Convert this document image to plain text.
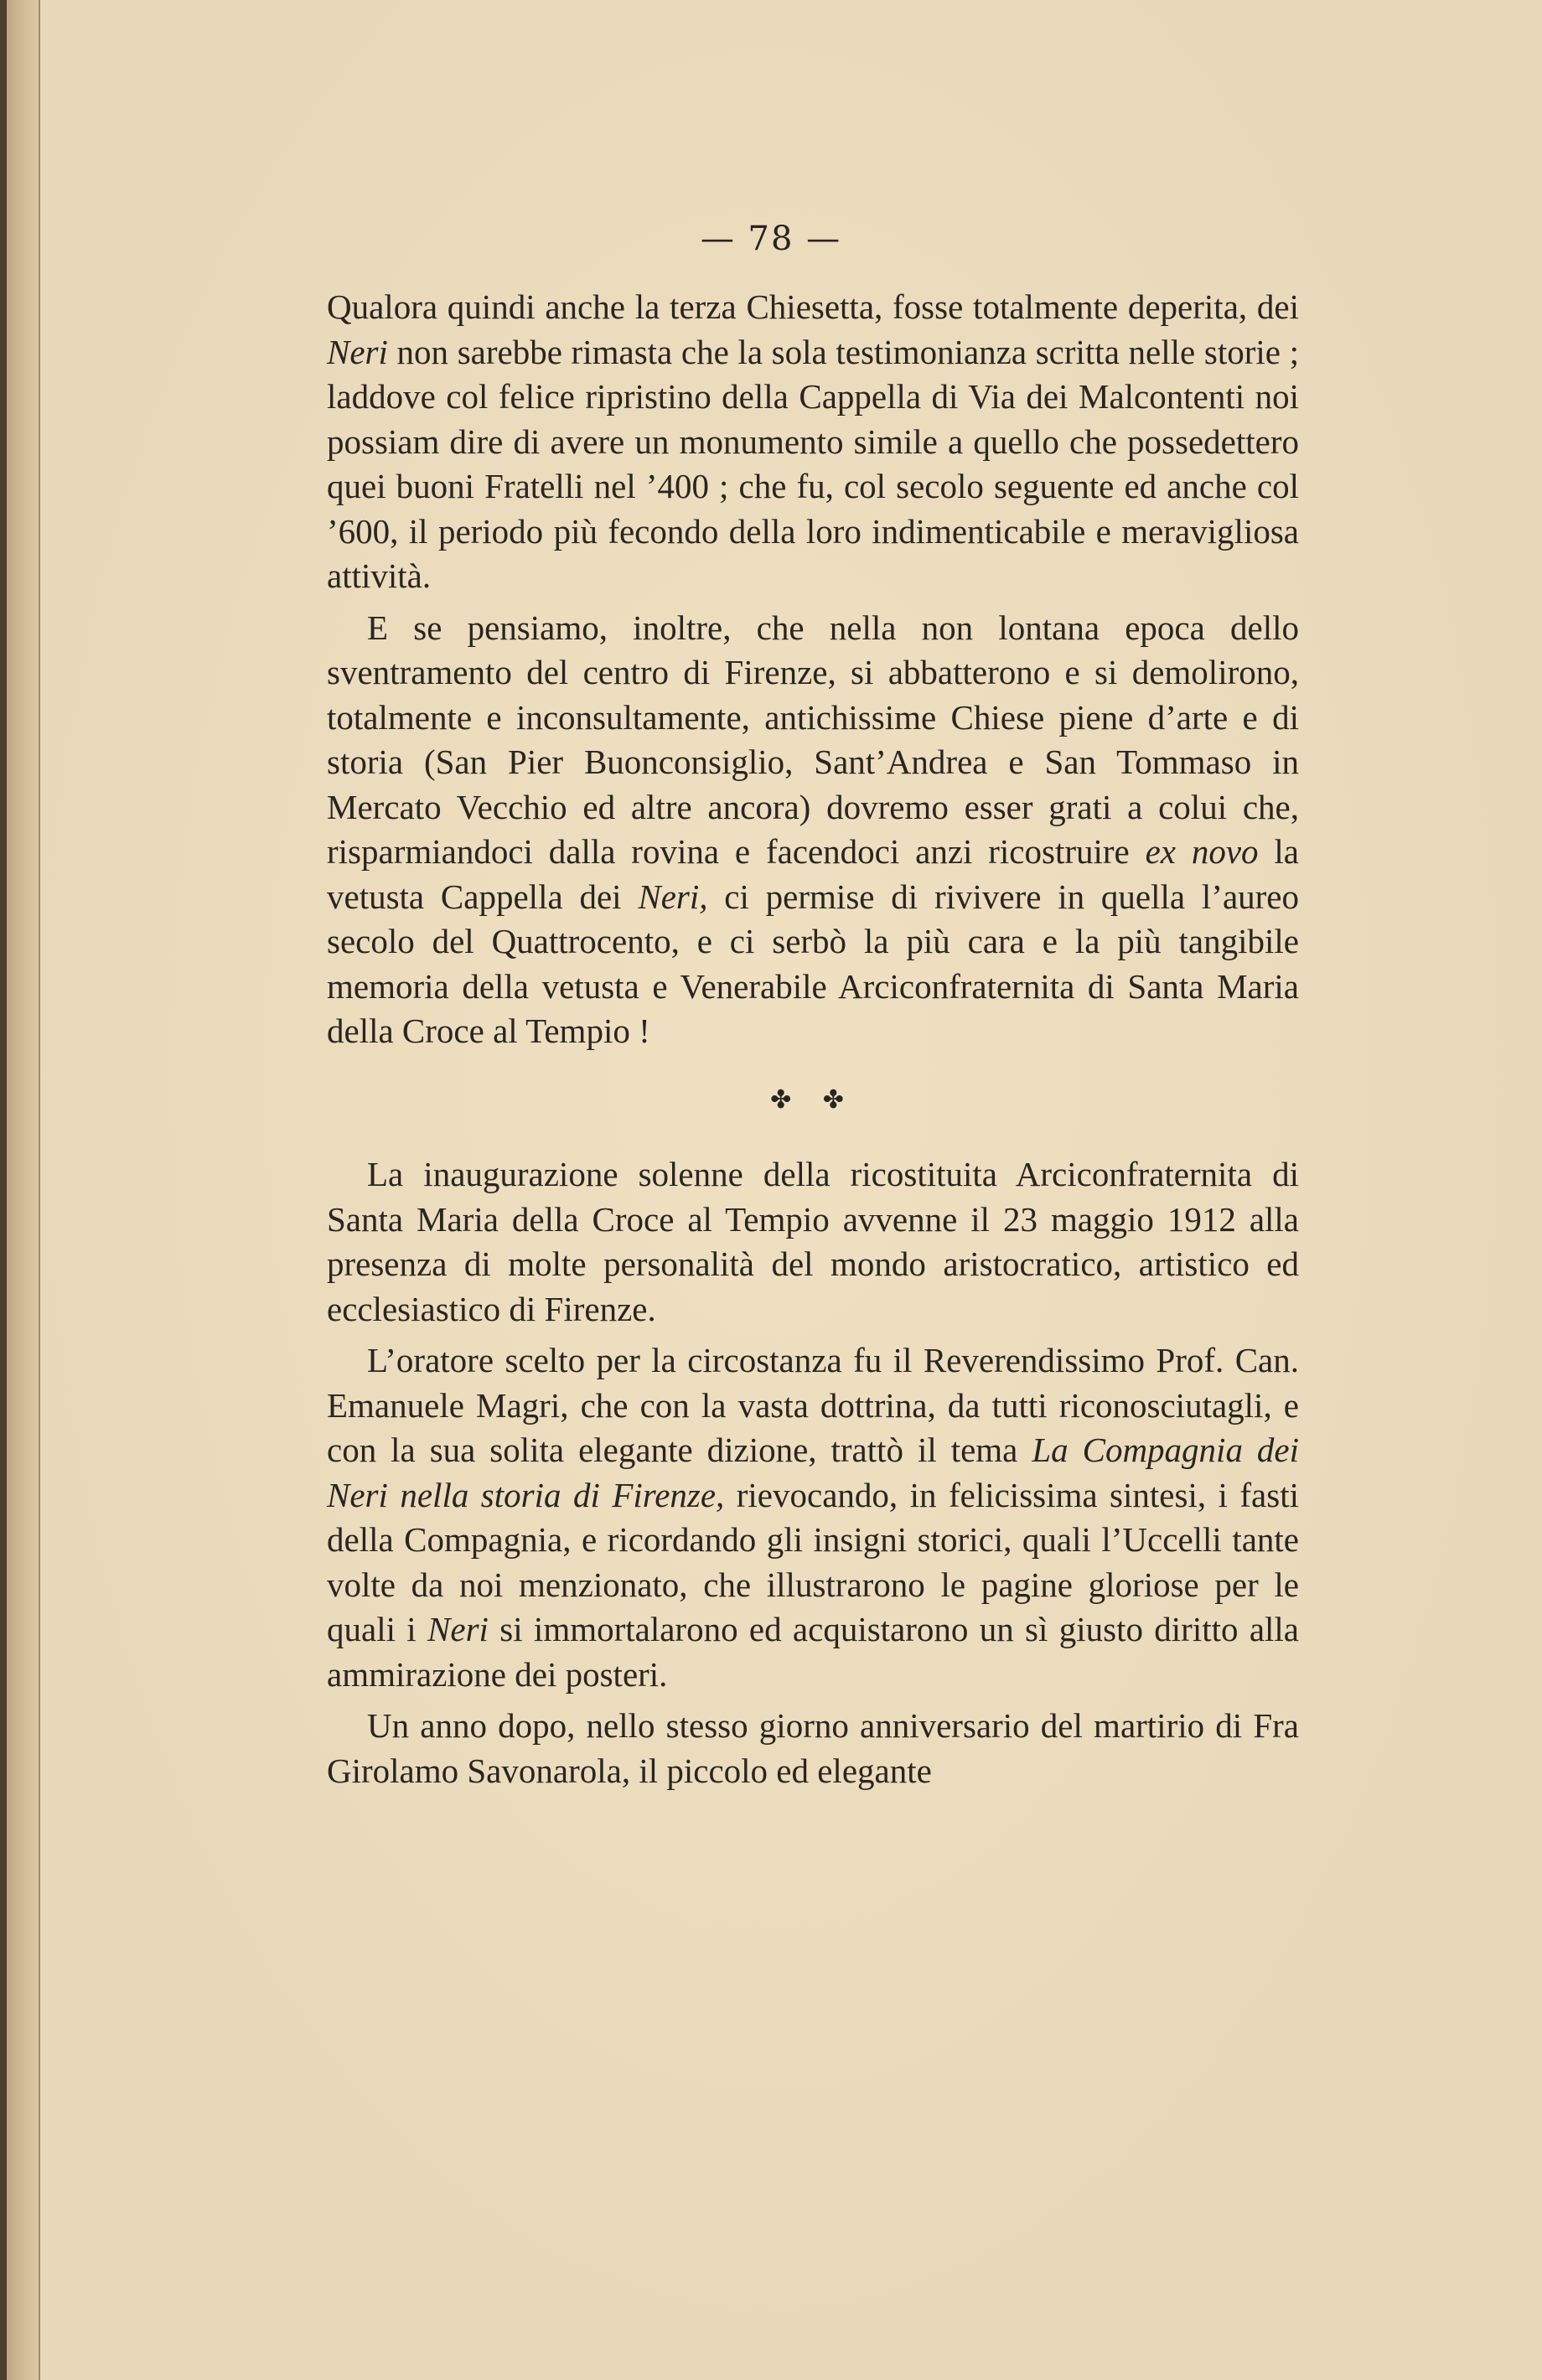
— 78 —

Qualora quindi anche la terza Chiesetta, fosse totalmente deperita, dei Neri non sarebbe rimasta che la sola testimonianza scritta nelle storie ; laddove col felice ripristino della Cappella di Via dei Malcontenti noi possiam dire di avere un monumento simile a quello che possedettero quei buoni Fratelli nel ’400 ; che fu, col secolo seguente ed anche col ’600, il periodo più fecondo della loro indimenticabile e meravigliosa attività.

E se pensiamo, inoltre, che nella non lontana epoca dello sventramento del centro di Firenze, si abbatterono e si demolirono, totalmente e inconsultamente, antichissime Chiese piene d’arte e di storia (San Pier Buonconsiglio, Sant’Andrea e San Tommaso in Mercato Vecchio ed altre ancora) dovremo esser grati a colui che, risparmiandoci dalla rovina e facendoci anzi ricostruire ex novo la vetusta Cappella dei Neri, ci permise di rivivere in quella l’aureo secolo del Quattrocento, e ci serbò la più cara e la più tangibile memoria della vetusta e Venerabile Arciconfraternita di Santa Maria della Croce al Tempio !

✤ ✤

La inaugurazione solenne della ricostituita Arciconfraternita di Santa Maria della Croce al Tempio avvenne il 23 maggio 1912 alla presenza di molte personalità del mondo aristocratico, artistico ed ecclesiastico di Firenze.

L’oratore scelto per la circostanza fu il Reverendissimo Prof. Can. Emanuele Magri, che con la vasta dottrina, da tutti riconosciutagli, e con la sua solita elegante dizione, trattò il tema La Compagnia dei Neri nella storia di Firenze, rievocando, in felicissima sintesi, i fasti della Compagnia, e ricordando gli insigni storici, quali l’Uccelli tante volte da noi menzionato, che illustrarono le pagine gloriose per le quali i Neri si immortalarono ed acquistarono un sì giusto diritto alla ammirazione dei posteri.

Un anno dopo, nello stesso giorno anniversario del martirio di Fra Girolamo Savonarola, il piccolo ed elegante
